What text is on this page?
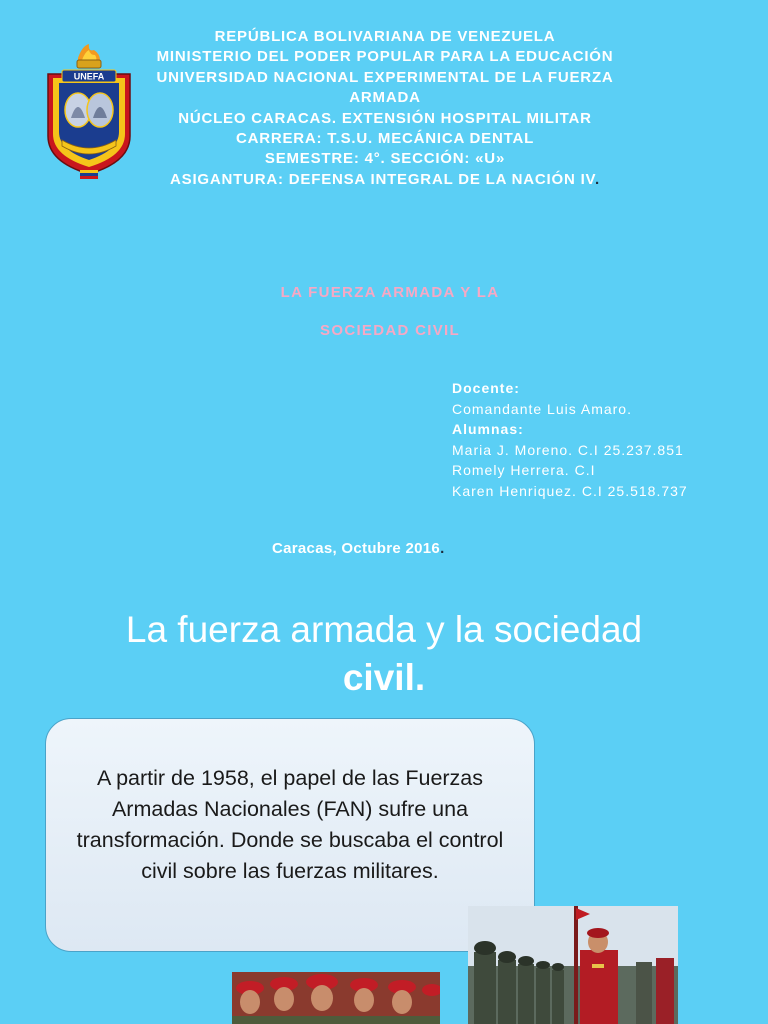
UNEFA
REPÚBLICA BOLIVARIANA DE VENEZUELA
MINISTERIO DEL PODER POPULAR PARA LA EDUCACIÓN
UNIVERSIDAD NACIONAL EXPERIMENTAL DE LA FUERZA ARMADA
NÚCLEO CARACAS. EXTENSIÓN HOSPITAL MILITAR
CARRERA: T.S.U. MECÁNICA DENTAL
SEMESTRE: 4°. SECCIÓN: «U»
ASIGANTURA: DEFENSA INTEGRAL DE LA NACIÓN IV.
LA FUERZA ARMADA Y LA
SOCIEDAD CIVIL
Docente:
Comandante Luis Amaro.
Alumnas:
Maria J. Moreno. C.I 25.237.851
Romely Herrera. C.I
Karen Henriquez. C.I 25.518.737
Caracas, Octubre 2016.
La fuerza armada y la sociedad
civil.
A partir de 1958, el papel de las Fuerzas Armadas Nacionales (FAN) sufre una transformación. Donde se buscaba el control civil sobre las fuerzas militares.
